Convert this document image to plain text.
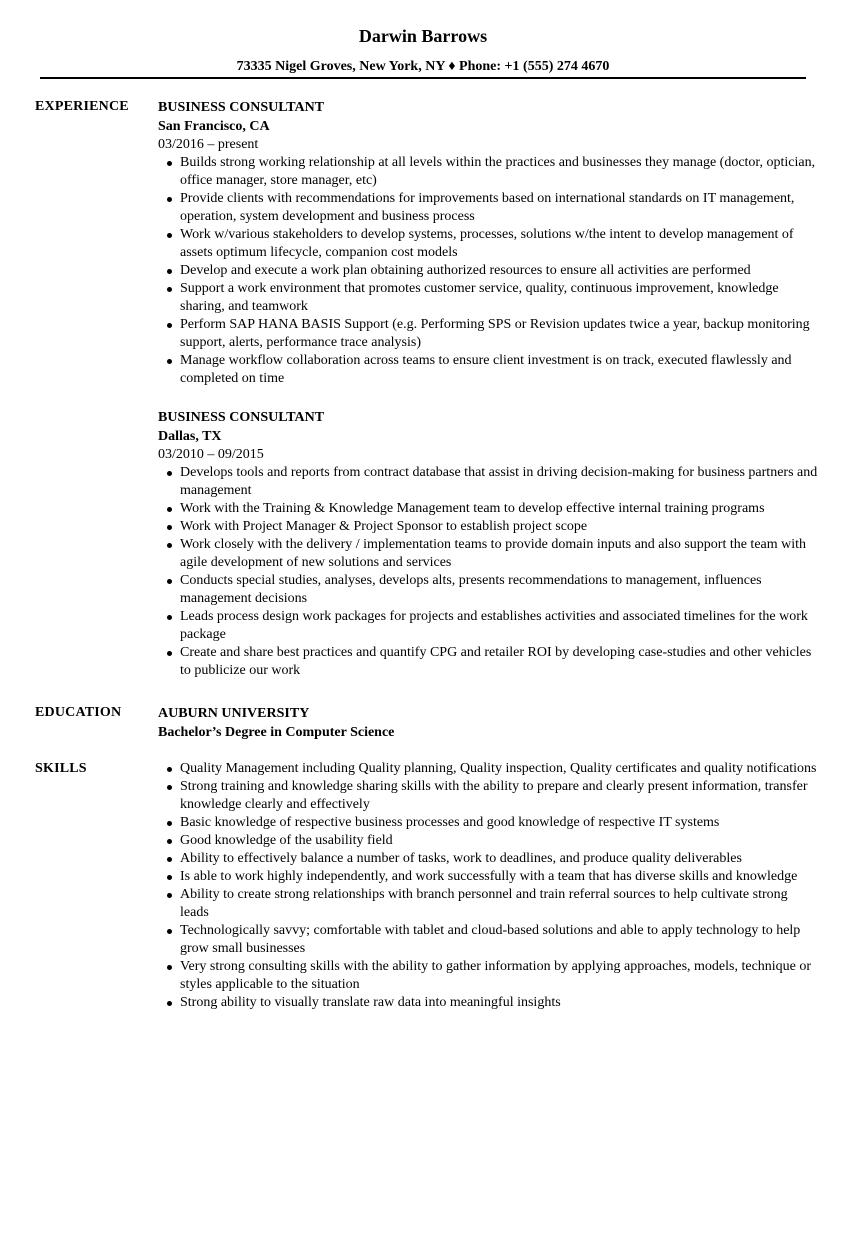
Darwin Barrows
73335 Nigel Groves, New York, NY ♦ Phone: +1 (555) 274 4670
EXPERIENCE BUSINESS CONSULTANT
San Francisco, CA
03/2016 – present
Builds strong working relationship at all levels within the practices and businesses they manage (doctor, optician, office manager, store manager, etc)
Provide clients with recommendations for improvements based on international standards on IT management, operation, system development and business process
Work w/various stakeholders to develop systems, processes, solutions w/the intent to develop management of assets optimum lifecycle, companion cost models
Develop and execute a work plan obtaining authorized resources to ensure all activities are performed
Support a work environment that promotes customer service, quality, continuous improvement, knowledge sharing, and teamwork
Perform SAP HANA BASIS Support (e.g. Performing SPS or Revision updates twice a year, backup monitoring support, alerts, performance trace analysis)
Manage workflow collaboration across teams to ensure client investment is on track, executed flawlessly and completed on time
BUSINESS CONSULTANT
Dallas, TX
03/2010 – 09/2015
Develops tools and reports from contract database that assist in driving decision-making for business partners and management
Work with the Training & Knowledge Management team to develop effective internal training programs
Work with Project Manager & Project Sponsor to establish project scope
Work closely with the delivery / implementation teams to provide domain inputs and also support the team with agile development of new solutions and services
Conducts special studies, analyses, develops alts, presents recommendations to management, influences management decisions
Leads process design work packages for projects and establishes activities and associated timelines for the work package
Create and share best practices and quantify CPG and retailer ROI by developing case-studies and other vehicles to publicize our work
EDUCATION	AUBURN UNIVERSITY
Bachelor’s Degree in Computer Science
SKILLS	Quality Management including Quality planning, Quality inspection, Quality certificates and quality notifications
Strong training and knowledge sharing skills with the ability to prepare and clearly present information, transfer knowledge clearly and effectively
Basic knowledge of respective business processes and good knowledge of respective IT systems
Good knowledge of the usability field
Ability to effectively balance a number of tasks, work to deadlines, and produce quality deliverables
Is able to work highly independently, and work successfully with a team that has diverse skills and knowledge
Ability to create strong relationships with branch personnel and train referral sources to help cultivate strong leads
Technologically savvy; comfortable with tablet and cloud-based solutions and able to apply technology to help grow small businesses
Very strong consulting skills with the ability to gather information by applying approaches, models, technique or styles applicable to the situation
Strong ability to visually translate raw data into meaningful insights
